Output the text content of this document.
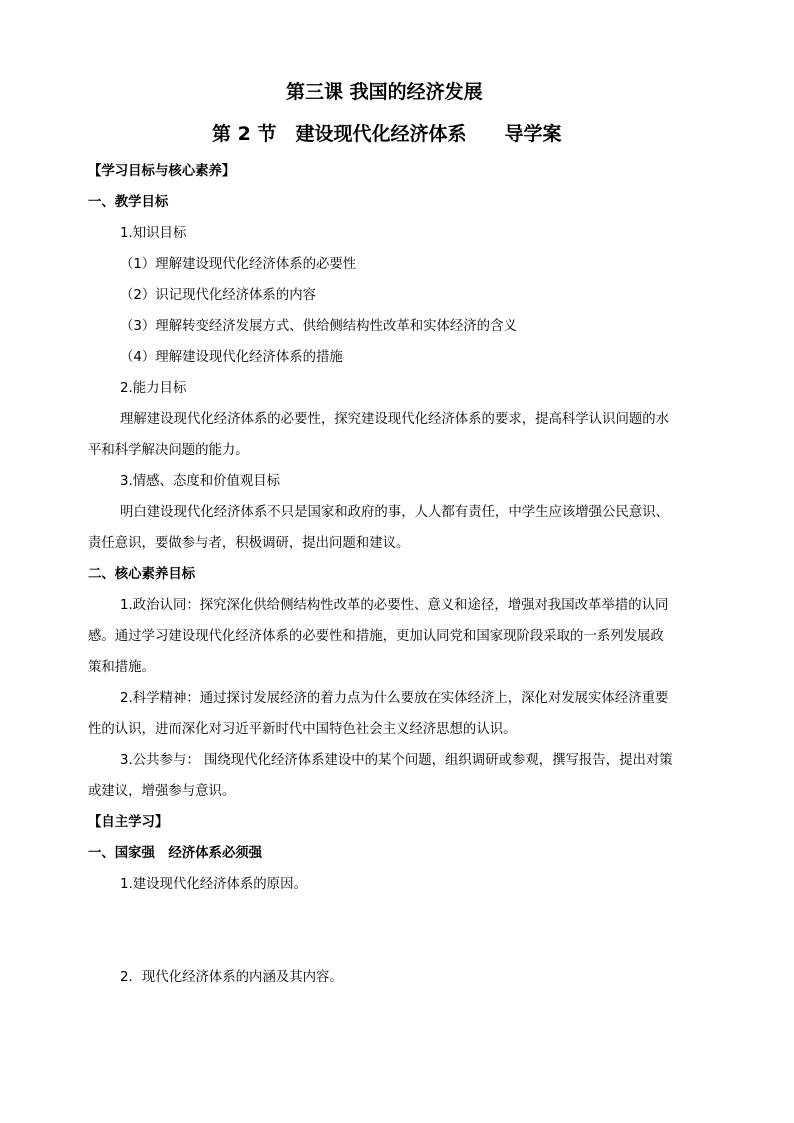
第三课 我国的经济发展
第 2 节　建设现代化经济体系　　导学案
【学习目标与核心素养】
一、教学目标
1.知识目标
（1）理解建设现代化经济体系的必要性
（2）识记现代化经济体系的内容
（3）理解转变经济发展方式、供给侧结构性改革和实体经济的含义
（4）理解建设现代化经济体系的措施
2.能力目标
理解建设现代化经济体系的必要性，探究建设现代化经济体系的要求，提高科学认识问题的水
平和科学解决问题的能力。
3.情感、态度和价值观目标
明白建设现代化经济体系不只是国家和政府的事，人人都有责任，中学生应该增强公民意识、
责任意识，要做参与者，积极调研，提出问题和建议。
二、核心素养目标
1.政治认同：探究深化供给侧结构性改革的必要性、意义和途径，增强对我国改革举措的认同
感。通过学习建设现代化经济体系的必要性和措施，更加认同党和国家现阶段采取的一系列发展政
策和措施。
2.科学精神：通过探讨发展经济的着力点为什么要放在实体经济上，深化对发展实体经济重要
性的认识，进而深化对习近平新时代中国特色社会主义经济思想的认识。
3.公共参与： 围绕现代化经济体系建设中的某个问题，组织调研或参观，撰写报告，提出对策
或建议，增强参与意识。
【自主学习】
一、国家强　经济体系必须强
1.建设现代化经济体系的原因。
2．现代化经济体系的内涵及其内容。
